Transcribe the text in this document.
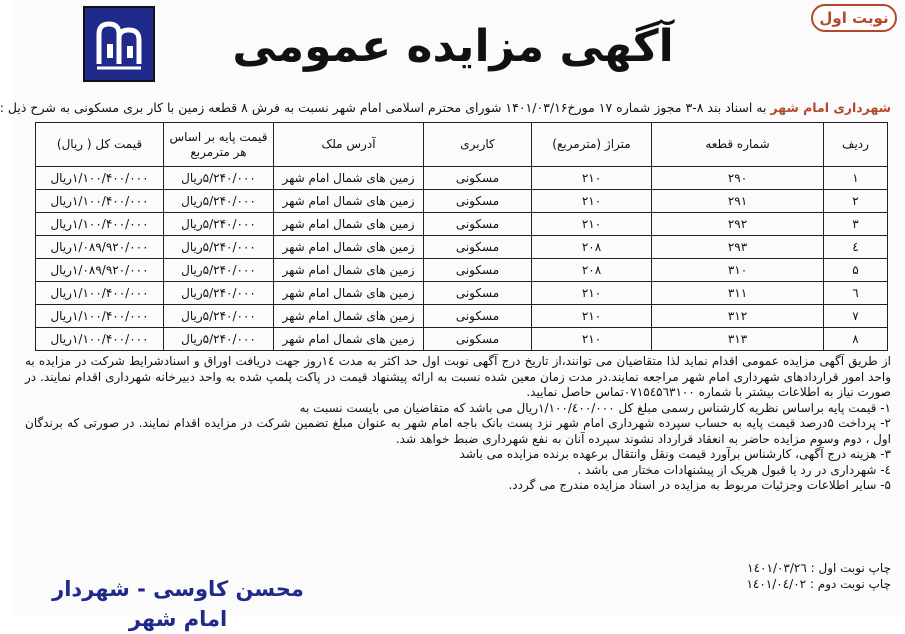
نوبت اول
آگهی مزایده عمومی
شهرداری امام شهر به اسناد بند ۸-۳ مجوز شماره ۱۷ مورخ۱۴۰۱/۰۳/۱۶ شورای محترم اسلامی امام شهر نسبت به فرش ۸ قطعه زمین با کار بری مسکونی به شرح ذیل :
ردیف	شماره قطعه	متراژ (مترمربع)	کاربری	آدرس ملک	قیمت پایه بر اساس هر مترمربع	قیمت کل ( ریال)
۱	۲۹۰	۲۱۰	مسکونی	زمین های شمال امام شهر	۵/۲۴۰/۰۰۰ریال	۱/۱۰۰/۴۰۰/۰۰۰ریال
۲	۲۹۱	۲۱۰	مسکونی	زمین های شمال امام شهر	۵/۲۴۰/۰۰۰ریال	۱/۱۰۰/۴۰۰/۰۰۰ریال
۳	۲۹۲	۲۱۰	مسکونی	زمین های شمال امام شهر	۵/۲۴۰/۰۰۰ریال	۱/۱۰۰/۴۰۰/۰۰۰ریال
٤	۲۹۳	۲۰۸	مسکونی	زمین های شمال امام شهر	۵/۲۴۰/۰۰۰ریال	۱/۰۸۹/۹۲۰/۰۰۰ریال
۵	۳۱۰	۲۰۸	مسکونی	زمین های شمال امام شهر	۵/۲۴۰/۰۰۰ریال	۱/۰۸۹/۹۲۰/۰۰۰ریال
٦	۳۱۱	۲۱۰	مسکونی	زمین های شمال امام شهر	۵/۲۴۰/۰۰۰ریال	۱/۱۰۰/۴۰۰/۰۰۰ریال
۷	۳۱۲	۲۱۰	مسکونی	زمین های شمال امام شهر	۵/۲۴۰/۰۰۰ریال	۱/۱۰۰/۴۰۰/۰۰۰ریال
۸	۳۱۳	۲۱۰	مسکونی	زمین های شمال امام شهر	۵/۲۴۰/۰۰۰ریال	۱/۱۰۰/۴۰۰/۰۰۰ریال

از طریق آگهی مزایده عمومی اقدام نماید لذا متقاضیان می توانند،از تاریخ درج آگهی نوبت اول حد اکثر به مدت ۱٤روز جهت دریافت اوراق و اسنادشرایط شرکت در مزایده به واحد امور قراردادهای شهرداری امام شهر مراجعه نمایند.در مدت زمان معین شده نسبت به ارائه پیشنهاد قیمت در پاکت پلمپ شده به واحد دبیرخانه شهرداری اقدام نمایند. در صورت نیاز به اطلاعات بیشتر با شماره ۰۷۱۵٤۵٦۳۱۰۰تماس حاصل نمایید.

۱- قیمت پایه براساس نظریه کارشناس رسمی مبلغ کل ۱/۱۰۰/٤۰۰/۰۰۰ریال می باشد که متقاضیان می بایست نسبت به

۲- پرداخت ۵درصد قیمت پایه به حساب سپرده شهرداری امام شهر نزد پست بانک باجه امام شهر به عنوان مبلغ تضمین شرکت در مزایده اقدام نمایند. در صورتی که برندگان اول ، دوم وسوم مزایده حاضر به انعقاد قرارداد نشوند سپرده آنان به نفع شهرداری ضبط خواهد شد.

۳- هزینه درج آگهی، کارشناس برآورد قیمت ونقل وانتقال برعهده برنده مزایده می باشد

٤- شهرداری در رد یا قبول هریک از پیشنهادات مختار می باشد .

۵- سایر اطلاعات وجزئیات مربوط به مزایده در اسناد مزایده مندرج می گردد.

چاپ نوبت اول : ۱٤۰۱/۰۳/۲٦
چاپ نوبت دوم : ۱٤۰۱/۰٤/۰۲
محسن کاوسی - شهردار امام شهر
